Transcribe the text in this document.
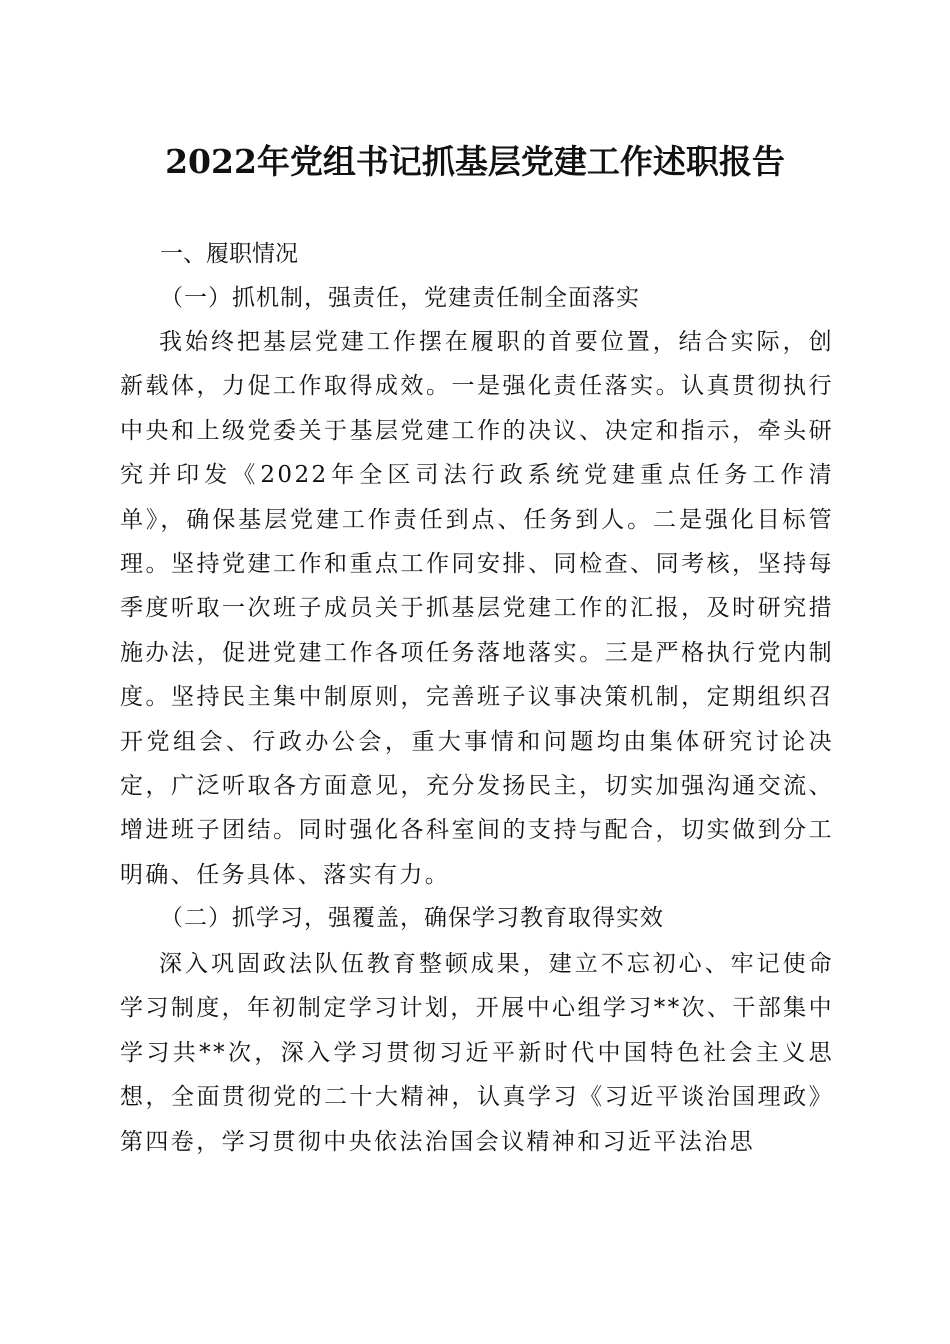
2022年党组书记抓基层党建工作述职报告
一、履职情况
（一）抓机制，强责任，党建责任制全面落实

我始终把基层党建工作摆在履职的首要位置，结合实际，创新载体，力促工作取得成效。一是强化责任落实。认真贯彻执行中央和上级党委关于基层党建工作的决议、决定和指示，牵头研究并印发《2022年全区司法行政系统党建重点任务工作清单》，确保基层党建工作责任到点、任务到人。二是强化目标管理。坚持党建工作和重点工作同安排、同检查、同考核，坚持每季度听取一次班子成员关于抓基层党建工作的汇报，及时研究措施办法，促进党建工作各项任务落地落实。三是严格执行党内制度。坚持民主集中制原则，完善班子议事决策机制，定期组织召开党组会、行政办公会，重大事情和问题均由集体研究讨论决定，广泛听取各方面意见，充分发扬民主，切实加强沟通交流、增进班子团结。同时强化各科室间的支持与配合，切实做到分工明确、任务具体、落实有力。

（二）抓学习，强覆盖，确保学习教育取得实效

深入巩固政法队伍教育整顿成果，建立不忘初心、牢记使命学习制度，年初制定学习计划，开展中心组学习**次、干部集中学习共**次，深入学习贯彻习近平新时代中国特色社会主义思想，全面贯彻党的二十大精神，认真学习《习近平谈治国理政》第四卷，学习贯彻中央依法治国会议精神和习近平法治思
